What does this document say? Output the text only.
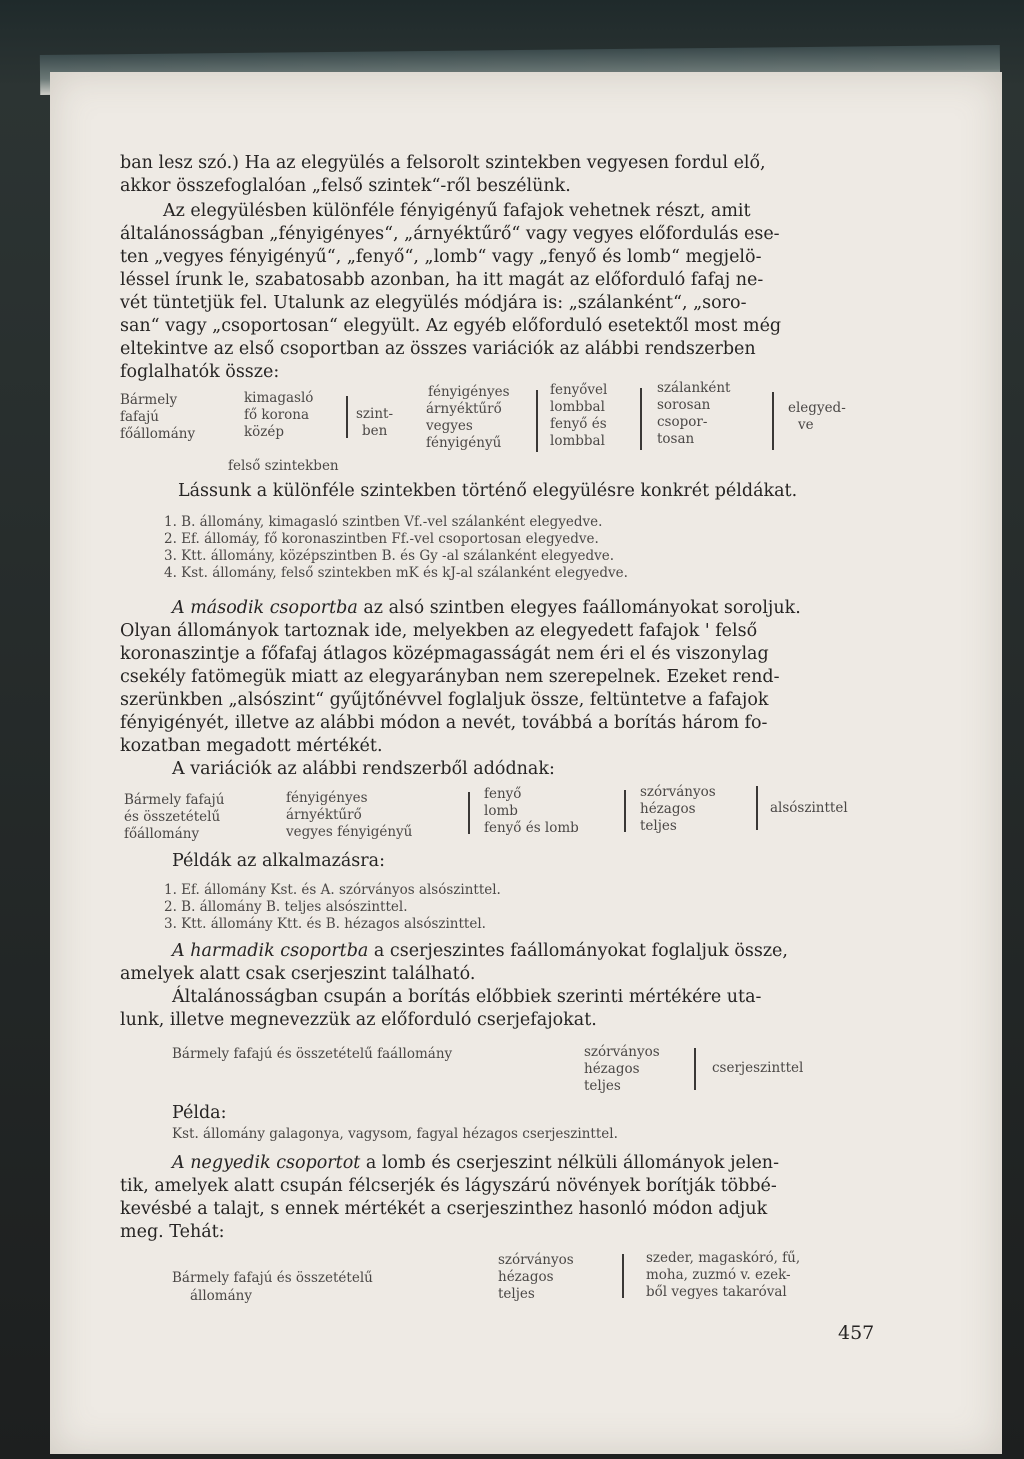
ban lesz szó.) Ha az elegyülés a felsorolt szintekben vegyesen fordul elő,
akkor összefoglalóan „felső szintek“-ről beszélünk.
Az elegyülésben különféle fényigényű fafajok vehetnek részt, amit
általánosságban „fényigényes“, „árnyéktűrő“ vagy vegyes előfordulás ese-
ten „vegyes fényigényű“, „fenyő“, „lomb“ vagy „fenyő és lomb“ megjelö-
léssel írunk le, szabatosabb azonban, ha itt magát az előforduló fafaj ne-
vét tüntetjük fel. Utalunk az elegyülés módjára is: „szálanként“, „soro-
san“ vagy „csoportosan“ elegyült. Az egyéb előforduló esetektől most még
eltekintve az első csoportban az összes variációk az alábbi rendszerben
foglalhatók össze:
Bármely
fafajú
főállomány
kimagasló
fő korona
közép
szint-
ben
fényigényes
árnyéktűrő
vegyes
fényigényű
fenyővel
lombbal
fenyő és
lombbal
szálanként
sorosan
csopor-
tosan
elegyed-
ve
felső szintekben
Lássunk a különféle szintekben történő elegyülésre konkrét példákat.
1. B. állomány, kimagasló szintben Vf.-vel szálanként elegyedve.
2. Ef. állomáy, fő koronaszintben Ff.-vel csoportosan elegyedve.
3. Ktt. állomány, középszintben B. és Gy -al szálanként elegyedve.
4. Kst. állomány, felső szintekben mK és kJ-al szálanként elegyedve.
A második csoportba az alsó szintben elegyes faállományokat soroljuk.
Olyan állományok tartoznak ide, melyekben az elegyedett fafajok ' felső
koronaszintje a főfafaj átlagos középmagasságát nem éri el és viszonylag
csekély fatömegük miatt az elegyarányban nem szerepelnek. Ezeket rend-
szerünkben „alsószint“ gyűjtőnévvel foglaljuk össze, feltüntetve a fafajok
fényigényét, illetve az alábbi módon a nevét, továbbá a borítás három fo-
kozatban megadott mértékét.
A variációk az alábbi rendszerből adódnak:
Bármely fafajú
és összetételű
főállomány
fényigényes
árnyéktűrő
vegyes fényigényű
fenyő
lomb
fenyő és lomb
szórványos
hézagos
teljes
alsószinttel
Példák az alkalmazásra:
1. Ef. állomány Kst. és A. szórványos alsószinttel.
2. B. állomány B. teljes alsószinttel.
3. Ktt. állomány Ktt. és B. hézagos alsószinttel.
A harmadik csoportba a cserjeszintes faállományokat foglaljuk össze,
amelyek alatt csak cserjeszint található.
Általánosságban csupán a borítás előbbiek szerinti mértékére uta-
lunk, illetve megnevezzük az előforduló cserjefajokat.
Bármely fafajú és összetételű faállomány	szórványos
hézagos
teljes
cserjeszinttel
Példa:
Kst. állomány galagonya, vagysom, fagyal hézagos cserjeszinttel.
A negyedik csoportot a lomb és cserjeszint nélküli állományok jelen-
tik, amelyek alatt csupán félcserjék és lágyszárú növények borítják többé-
kevésbé a talajt, s ennek mértékét a cserjeszinthez hasonló módon adjuk
meg. Tehát:
Bármely fafajú és összetételű
állomány
szórványos
hézagos
teljes
szeder, magaskóró, fű,
moha, zuzmó v. ezek-
ből vegyes takaróval
457
